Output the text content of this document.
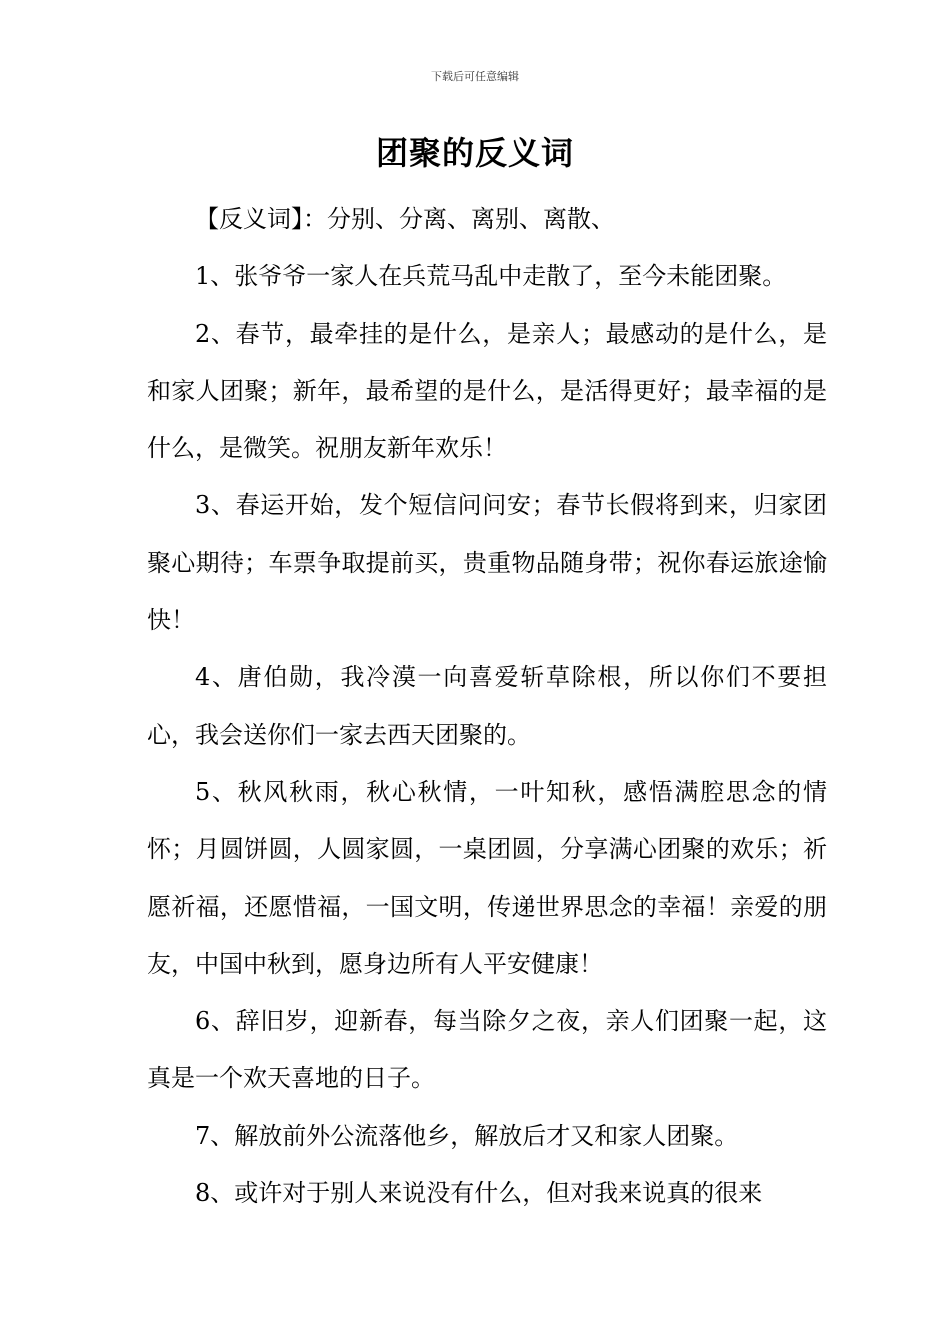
下载后可任意编辑
团聚的反义词

【反义词】：分别、分离、离别、离散、

1、张爷爷一家人在兵荒马乱中走散了，至今未能团聚。

2、春节，最牵挂的是什么，是亲人；最感动的是什么，是和家人团聚；新年，最希望的是什么，是活得更好；最幸福的是什么，是微笑。祝朋友新年欢乐！

3、春运开始，发个短信问问安；春节长假将到来，归家团聚心期待；车票争取提前买，贵重物品随身带；祝你春运旅途愉快！

4、唐伯勋，我冷漠一向喜爱斩草除根，所以你们不要担心，我会送你们一家去西天团聚的。

5、秋风秋雨，秋心秋情，一叶知秋，感悟满腔思念的情怀；月圆饼圆，人圆家圆，一桌团圆，分享满心团聚的欢乐；祈愿祈福，还愿惜福，一国文明，传递世界思念的幸福！亲爱的朋友，中国中秋到，愿身边所有人平安健康！

6、辞旧岁，迎新春，每当除夕之夜，亲人们团聚一起，这真是一个欢天喜地的日子。

7、解放前外公流落他乡，解放后才又和家人团聚。

8、或许对于别人来说没有什么，但对我来说真的很来
